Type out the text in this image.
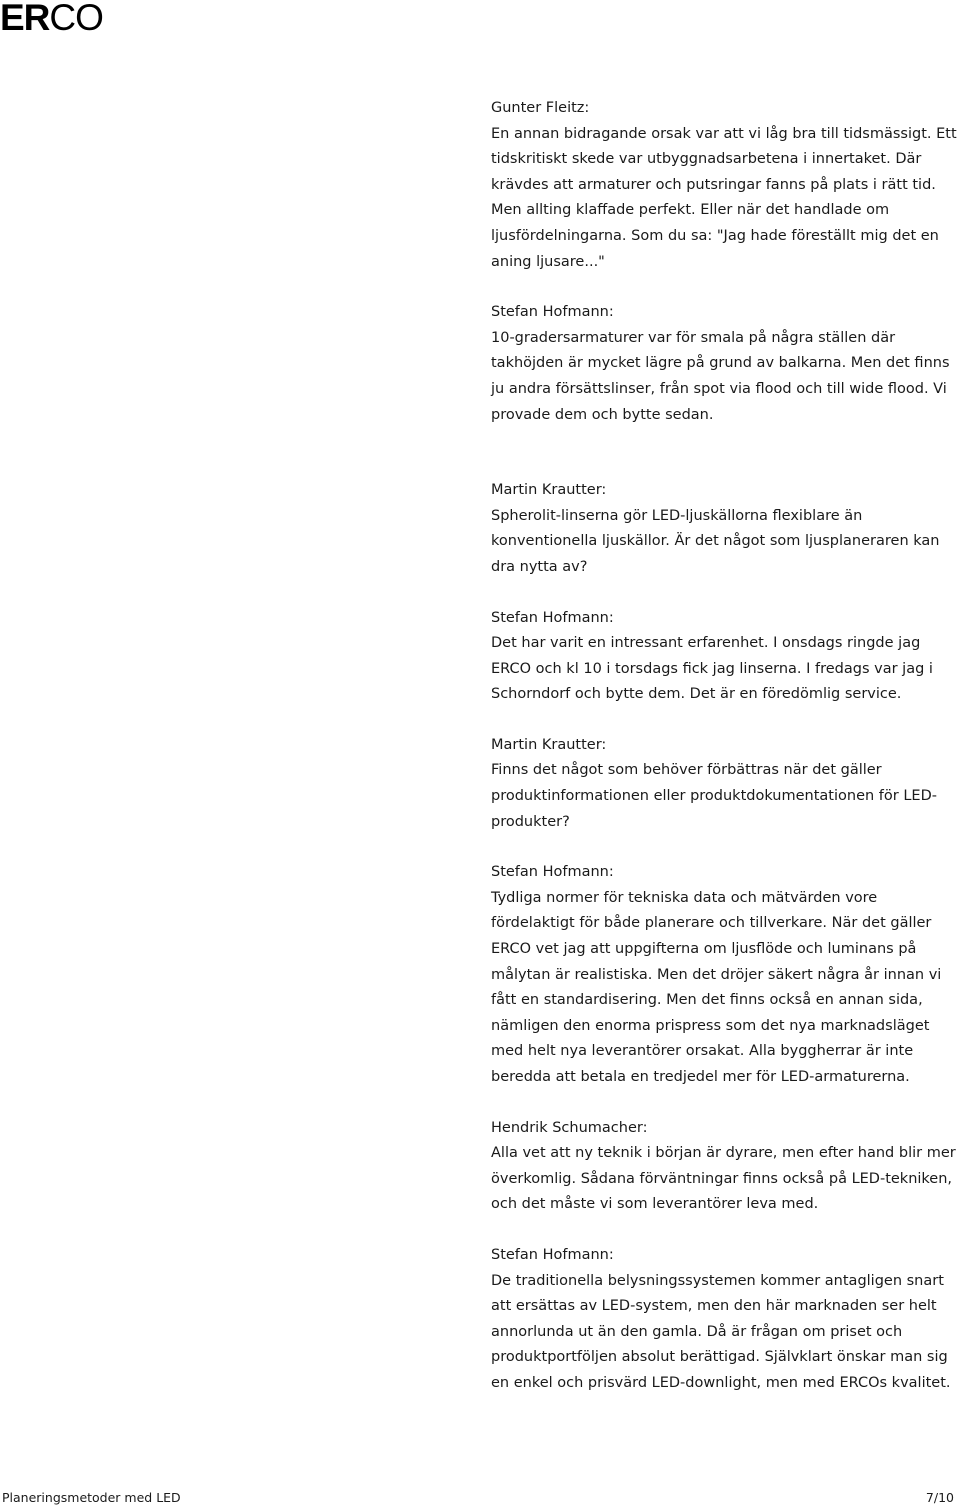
ERCO
Gunter Fleitz:
En annan bidragande orsak var att vi låg bra till tidsmässigt. Ett tidskritiskt skede var utbyggnadsarbetena i innertaket. Där krävdes att armaturer och putsringar fanns på plats i rätt tid. Men allting klaffade perfekt. Eller när det handlade om ljusfördelningarna. Som du sa: "Jag hade föreställt mig det en aning ljusare..."
Stefan Hofmann:
10-gradersarmaturer var för smala på några ställen där takhöjden är mycket lägre på grund av balkarna. Men det finns ju andra försättslinser, från spot via flood och till wide flood. Vi provade dem och bytte sedan.
Martin Krautter:
Spherolit-linserna gör LED-ljuskällorna flexiblare än konventionella ljuskällor. Är det något som ljusplaneraren kan dra nytta av?
Stefan Hofmann:
Det har varit en intressant erfarenhet. I onsdags ringde jag ERCO och kl 10 i torsdags fick jag linserna. I fredags var jag i Schorndorf och bytte dem. Det är en föredömlig service.
Martin Krautter:
Finns det något som behöver förbättras när det gäller produktinformationen eller produktdokumentationen för LED-produkter?
Stefan Hofmann:
Tydliga normer för tekniska data och mätvärden vore fördelaktigt för både planerare och tillverkare. När det gäller ERCO vet jag att uppgifterna om ljusflöde och luminans på målytan är realistiska. Men det dröjer säkert några år innan vi fått en standardisering. Men det finns också en annan sida, nämligen den enorma prispress som det nya marknadsläget med helt nya leverantörer orsakat. Alla byggherrar är inte beredda att betala en tredjedel mer för LED-armaturerna.
Hendrik Schumacher:
Alla vet att ny teknik i början är dyrare, men efter hand blir mer överkomlig. Sådana förväntningar finns också på LED-tekniken, och det måste vi som leverantörer leva med.
Stefan Hofmann:
De traditionella belysningssystemen kommer antagligen snart att ersättas av LED-system, men den här marknaden ser helt annorlunda ut än den gamla. Då är frågan om priset och produktportföljen absolut berättigad. Självklart önskar man sig en enkel och prisvärd LED-downlight, men med ERCOs kvalitet.
Planeringsmetoder med LED	7/10
